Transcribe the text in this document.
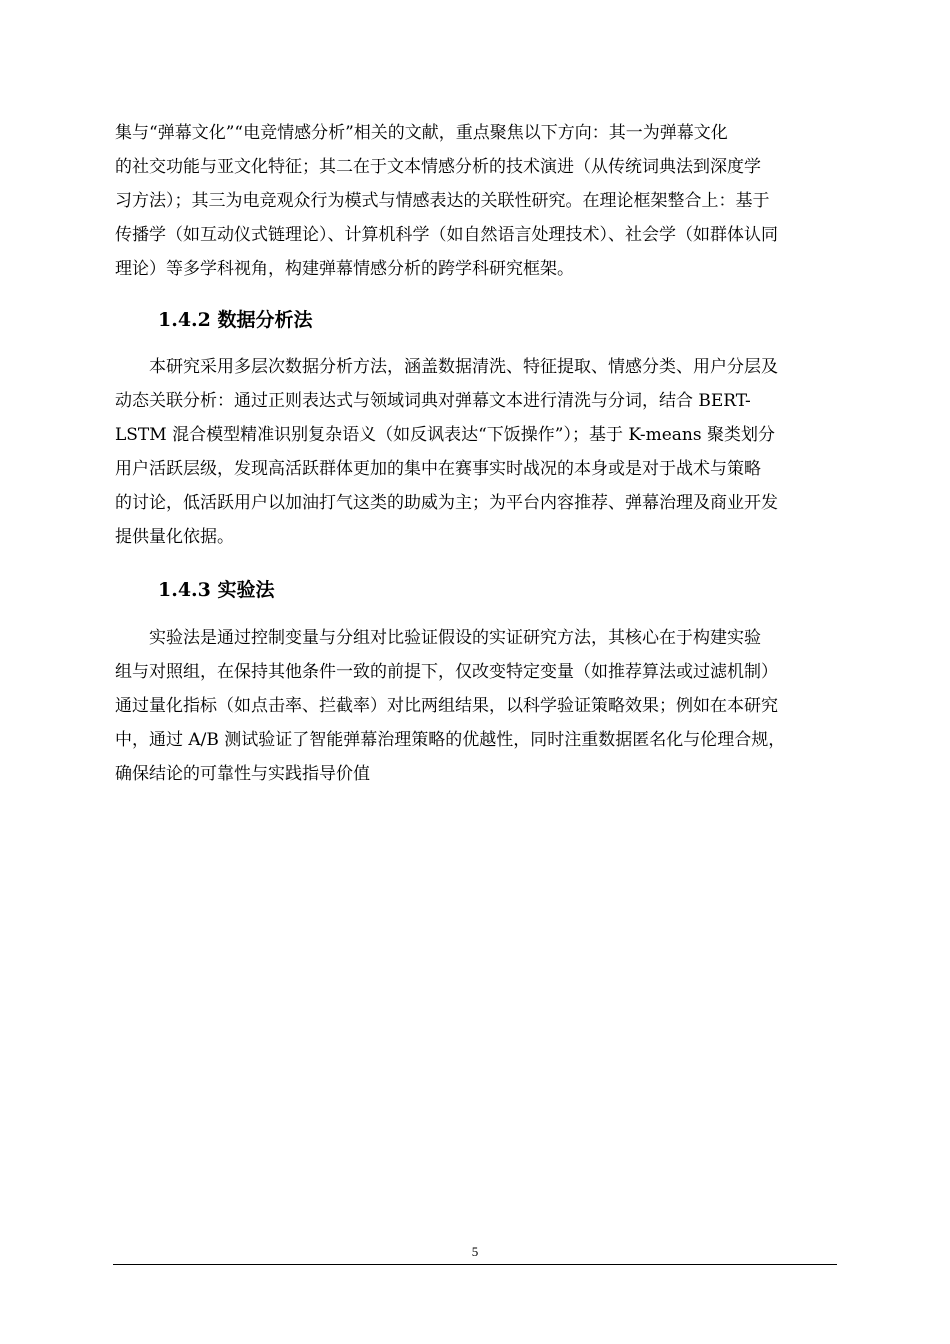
集与“弹幕文化”“电竞情感分析”相关的文献，重点聚焦以下方向：其一为弹幕文化
的社交功能与亚文化特征；其二在于文本情感分析的技术演进（从传统词典法到深度学
习方法）；其三为电竞观众行为模式与情感表达的关联性研究。在理论框架整合上：基于
传播学（如互动仪式链理论）、计算机科学（如自然语言处理技术）、社会学（如群体认同
理论）等多学科视角，构建弹幕情感分析的跨学科研究框架。
1.4.2 数据分析法
本研究采用多层次数据分析方法，涵盖数据清洗、特征提取、情感分类、用户分层及
动态关联分析：通过正则表达式与领域词典对弹幕文本进行清洗与分词，结合 BERT-
LSTM 混合模型精准识别复杂语义（如反讽表达“下饭操作”）；基于 K-means 聚类划分
用户活跃层级，发现高活跃群体更加的集中在赛事实时战况的本身或是对于战术与策略
的讨论，低活跃用户以加油打气这类的助威为主；为平台内容推荐、弹幕治理及商业开发
提供量化依据。
1.4.3 实验法
实验法是通过控制变量与分组对比验证假设的实证研究方法，其核心在于构建实验
组与对照组，在保持其他条件一致的前提下，仅改变特定变量（如推荐算法或过滤机制）
通过量化指标（如点击率、拦截率）对比两组结果，以科学验证策略效果；例如在本研究
中，通过 A/B 测试验证了智能弹幕治理策略的优越性，同时注重数据匿名化与伦理合规，
确保结论的可靠性与实践指导价值
5
